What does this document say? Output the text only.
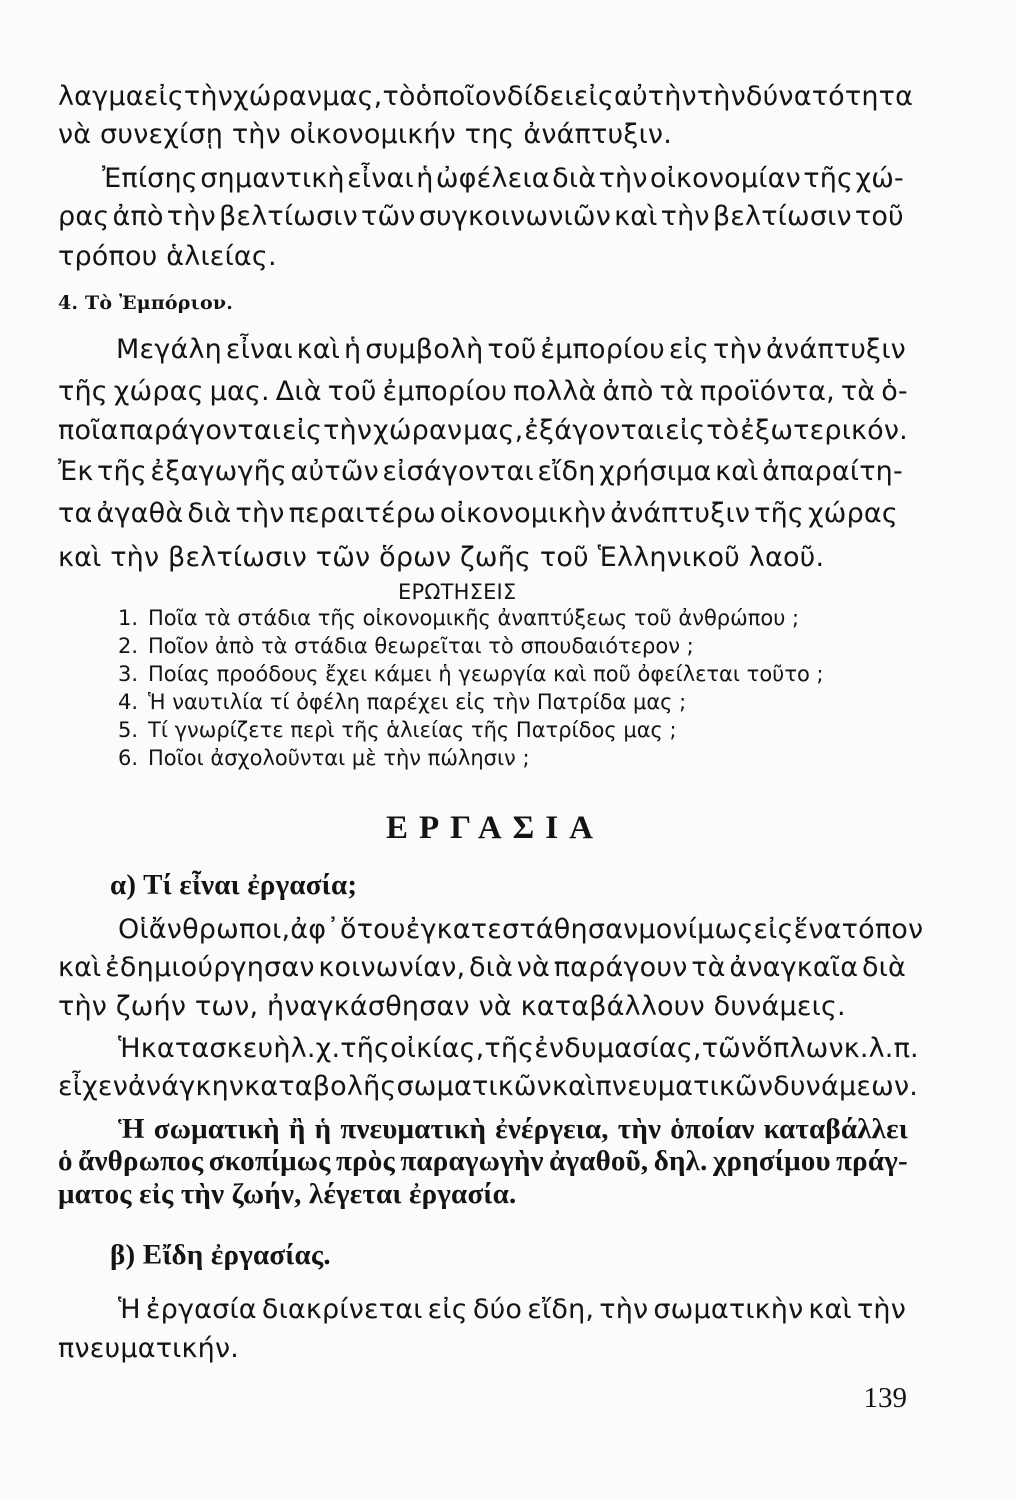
λαγμα εἰς τὴν χώραν μας, τὸ ὁποῖον δίδει εἰς αὐτὴν τὴν δύνατότητα
νὰ συνεχίσῃ τὴν οἰκονομικήν της ἀνάπτυξιν.
Ἐπίσης σημαντικὴ εἶναι ἡ ὠφέλεια διὰ τὴν οἰκονομίαν τῆς χώ-
ρας ἀπὸ τὴν βελτίωσιν τῶν συγκοινωνιῶν καὶ τὴν βελτίωσιν τοῦ
τρόπου ἁλιείας.
4. Τὸ Ἐμπόριον.
Μεγάλη εἶναι καὶ ἡ συμβολὴ τοῦ ἐμπορίου εἰς τὴν ἀνάπτυξιν
τῆς χώρας μας. Διὰ τοῦ ἐμπορίου πολλὰ ἀπὸ τὰ προϊόντα, τὰ ὁ-
ποῖα παράγονται εἰς τὴν χώραν μας, ἐξάγονται εἰς τὸ ἐξωτερικόν.
Ἐκ τῆς ἐξαγωγῆς αὐτῶν εἰσάγονται εἴδη χρήσιμα καὶ ἀπαραίτη-
τα ἀγαθὰ διὰ τὴν περαιτέρω οἰκονομικὴν ἀνάπτυξιν τῆς χώρας
καὶ τὴν βελτίωσιν τῶν ὅρων ζωῆς τοῦ Ἑλληνικοῦ λαοῦ.
ΕΡΩΤΗΣΕΙΣ
1. Ποῖα τὰ στάδια τῆς οἰκονομικῆς ἀναπτύξεως τοῦ ἀνθρώπου ;
2. Ποῖον ἀπὸ τὰ στάδια θεωρεῖται τὸ σπουδαιότερον ;
3. Ποίας προόδους ἔχει κάμει ἡ γεωργία καὶ ποῦ ὀφείλεται τοῦτο ;
4. Ἡ ναυτιλία τί ὀφέλη παρέχει εἰς τὴν Πατρίδα μας ;
5. Τί γνωρίζετε περὶ τῆς ἁλιείας τῆς Πατρίδος μας ;
6. Ποῖοι ἀσχολοῦνται μὲ τὴν πώλησιν ;
ΕΡΓΑΣΙΑ
α) Τί εἶναι ἐργασία;
Οἱ ἄνθρωποι, ἀφ᾽ ὅτου ἐγκατεστάθησαν μονίμως εἰς ἕνα τόπον
καὶ ἐδημιούργησαν κοινωνίαν, διὰ νὰ παράγουν τὰ ἀναγκαῖα διὰ
τὴν ζωήν των, ἠναγκάσθησαν νὰ καταβάλλουν δυνάμεις.
Ἡ κατασκευὴ λ.χ. τῆς οἰκίας, τῆς ἐνδυμασίας, τῶν ὅπλων κ.λ.π.
εἶχεν ἀνάγκην καταβολῆς σωματικῶν καὶ πνευματικῶν δυνάμεων.
Ἡ σωματικὴ ἢ ἡ πνευματικὴ ἐνέργεια, τὴν ὁποίαν καταβάλλει
ὁ ἄνθρωπος σκοπίμως πρὸς παραγωγὴν ἀγαθοῦ, δηλ. χρησίμου πράγ-
ματος εἰς τὴν ζωήν, λέγεται ἐργασία.
β) Εἴδη ἐργασίας.
Ἡ ἐργασία διακρίνεται εἰς δύο εἴδη, τὴν σωματικὴν καὶ τὴν
πνευματικήν.
139
